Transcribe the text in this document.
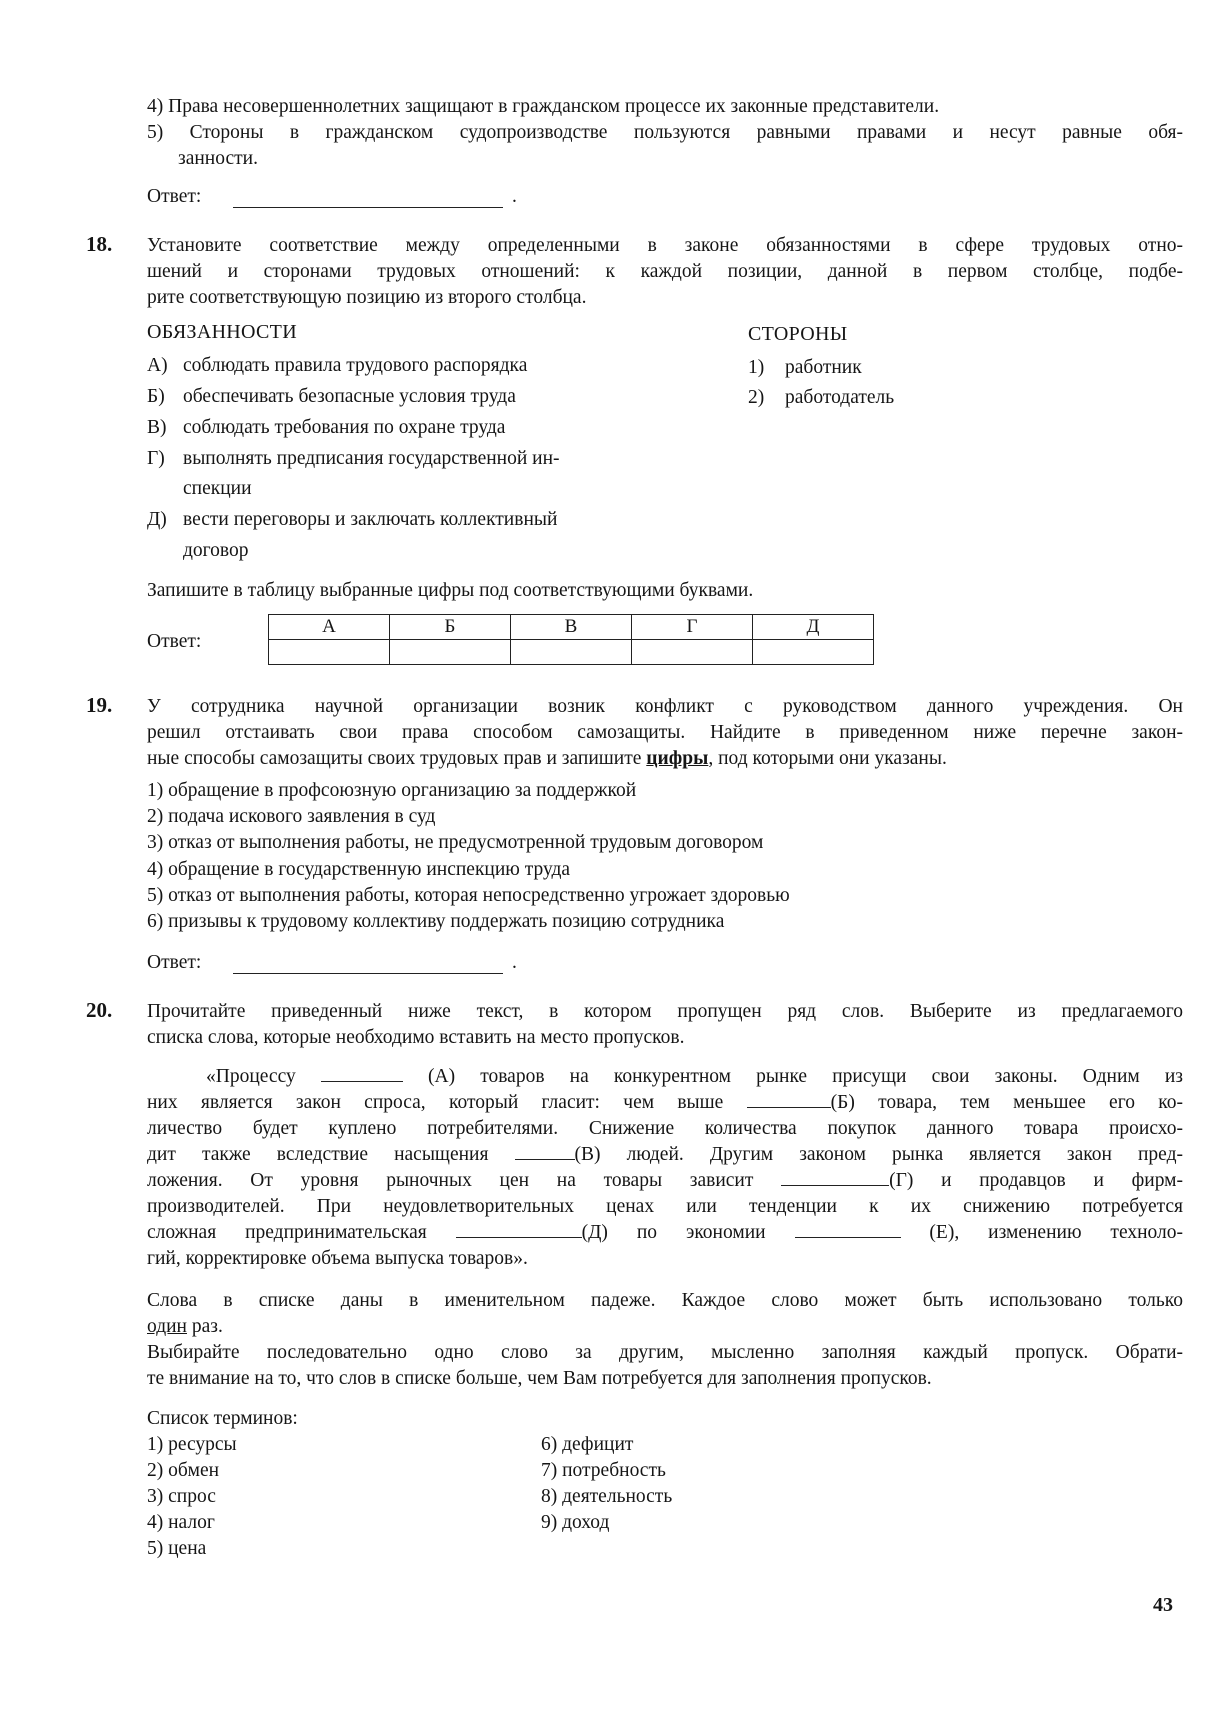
4) Права несовершеннолетних защищают в гражданском процессе их законные представители.
5) Стороны в гражданском судопроизводстве пользуются равными правами и несут равные обя-
занности.
Ответ:	.
18. Установите соответствие между определенными в законе обязанностями в сфере трудовых отно-
шений и сторонами трудовых отношений: к каждой позиции, данной в первом столбце, подбе-
рите соответствующую позицию из второго столбца.
ОБЯЗАННОСТИ	СТОРОНЫ
А) соблюдать правила трудового распорядка
Б) обеспечивать безопасные условия труда
В) соблюдать требования по охране труда
Г) выполнять предписания государственной ин-
спекции
Д) вести переговоры и заключать коллективный
договор
1) работник
2) работодатель
Запишите в таблицу выбранные цифры под соответствующими буквами.
Ответ:
А	Б	В	Г	Д

19. У сотрудника научной организации возник конфликт с руководством данного учреждения. Он
решил отстаивать свои права способом самозащиты. Найдите в приведенном ниже перечне закон-
ные способы самозащиты своих трудовых прав и запишите цифры, под которыми они указаны.
1) обращение в профсоюзную организацию за поддержкой
2) подача искового заявления в суд
3) отказ от выполнения работы, не предусмотренной трудовым договором
4) обращение в государственную инспекцию труда
5) отказ от выполнения работы, которая непосредственно угрожает здоровью
6) призывы к трудовому коллективу поддержать позицию сотрудника
Ответ:	.
20. Прочитайте приведенный ниже текст, в котором пропущен ряд слов. Выберите из предлагаемого
списка слова, которые необходимо вставить на место пропусков.
«Процессу	(А) товаров на конкурентном рынке присущи свои законы. Одним из
них является закон спроса, который гласит: чем выше	(Б) товара, тем меньшее его ко-
личество будет куплено потребителями. Снижение количества покупок данного товара происхо-
дит также вследствие насыщения	(В) людей. Другим законом рынка является закон пред-
ложения. От уровня рыночных цен на товары зависит	(Г) и продавцов и фирм-
производителей. При неудовлетворительных ценах или тенденции к их снижению потребуется
сложная предпринимательская	(Д) по экономии	(Е), изменению техноло-
гий, корректировке объема выпуска товаров».
Слова в списке даны в именительном падеже. Каждое слово может быть использовано только
один раз.
Выбирайте последовательно одно слово за другим, мысленно заполняя каждый пропуск. Обрати-
те внимание на то, что слов в списке больше, чем Вам потребуется для заполнения пропусков.
Список терминов:
1) ресурсы
2) обмен
3) спрос
4) налог
5) цена
6) дефицит
7) потребность
8) деятельность
9) доход
43
